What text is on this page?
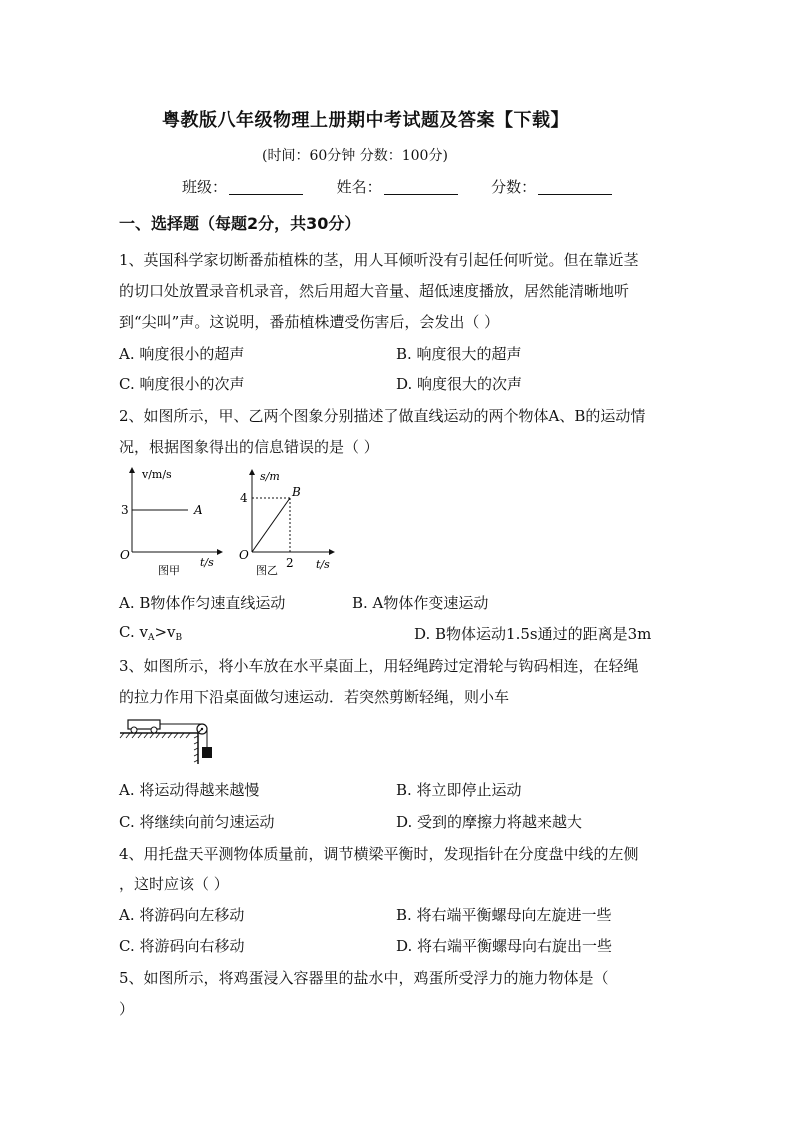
粤教版八年级物理上册期中考试题及答案【下载】
(时间：60分钟 分数：100分)
班级：	姓名：	分数：
一、选择题（每题2分，共30分）
1、英国科学家切断番茄植株的茎，用人耳倾听没有引起任何听觉。但在靠近茎
的切口处放置录音机录音，然后用超大音量、超低速度播放，居然能清晰地听
到“尖叫”声。这说明，番茄植株遭受伤害后，会发出（ ）
A. 响度很小的超声	B. 响度很大的超声
C. 响度很小的次声	D. 响度很大的次声
2、如图所示，甲、乙两个图象分别描述了做直线运动的两个物体A、B的运动情
况，根据图象得出的信息错误的是（ ）
v/m/s
3	A
O
t/s
图甲
s/m
4	B
O
2 t/s
图乙
A. B物体作匀速直线运动	B. A物体作变速运动
C. $v_A>v_B$	D. B物体运动1.5s通过的距离是3m
3、如图所示，将小车放在水平桌面上，用轻绳跨过定滑轮与钩码相连，在轻绳
的拉力作用下沿桌面做匀速运动．若突然剪断轻绳，则小车
A. 将运动得越来越慢	B. 将立即停止运动
C. 将继续向前匀速运动	D. 受到的摩擦力将越来越大
4、用托盘天平测物体质量前，调节横梁平衡时，发现指针在分度盘中线的左侧
，这时应该（ ）
A. 将游码向左移动	B. 将右端平衡螺母向左旋进一些
C. 将游码向右移动	D. 将右端平衡螺母向右旋出一些
5、如图所示，将鸡蛋浸入容器里的盐水中，鸡蛋所受浮力的施力物体是（
）
